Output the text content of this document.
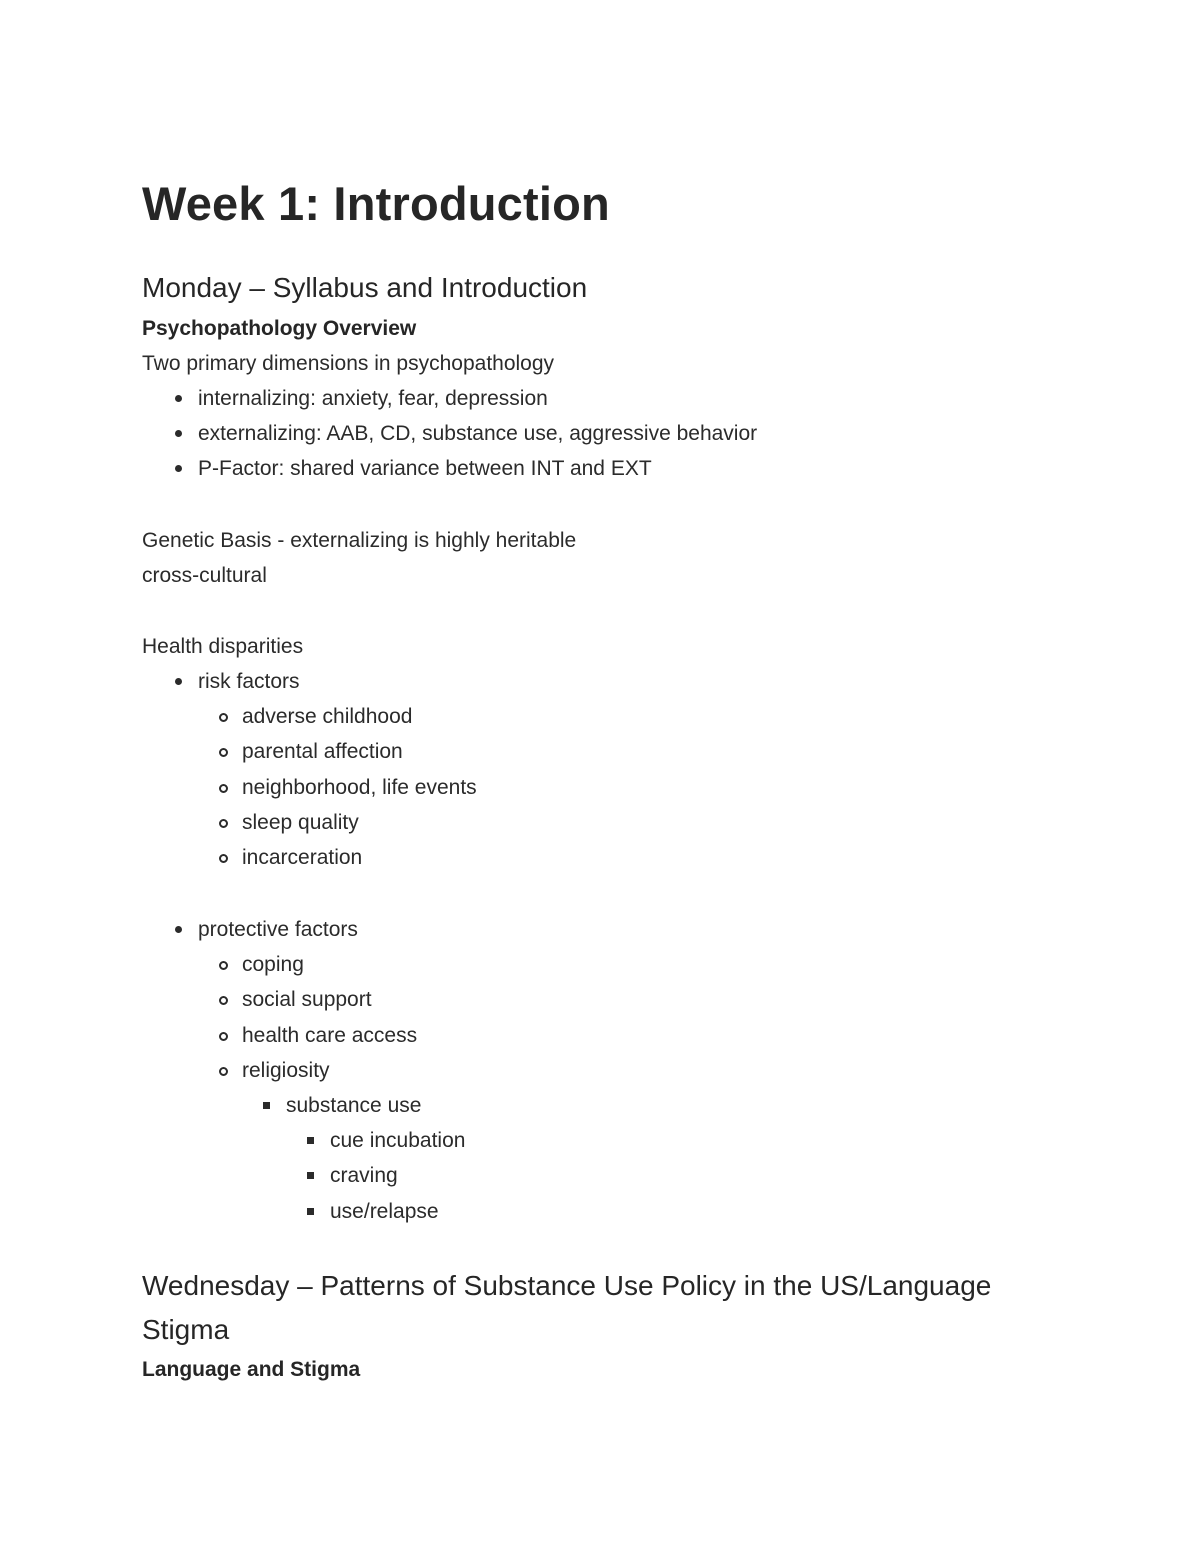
Week 1: Introduction
Monday – Syllabus and Introduction

Psychopathology Overview

Two primary dimensions in psychopathology

internalizing: anxiety, fear, depression
externalizing: AAB, CD, substance use, aggressive behavior
P-Factor: shared variance between INT and EXT

Genetic Basis - externalizing is highly heritable

cross-cultural

Health disparities

risk factors
adverse childhood
parental affection
neighborhood, life events
sleep quality
incarceration
protective factors
coping
social support
health care access
religiosity
substance use
cue incubation
craving
use/relapse
Wednesday – Patterns of Substance Use Policy in the US/Language
Stigma

Language and Stigma
